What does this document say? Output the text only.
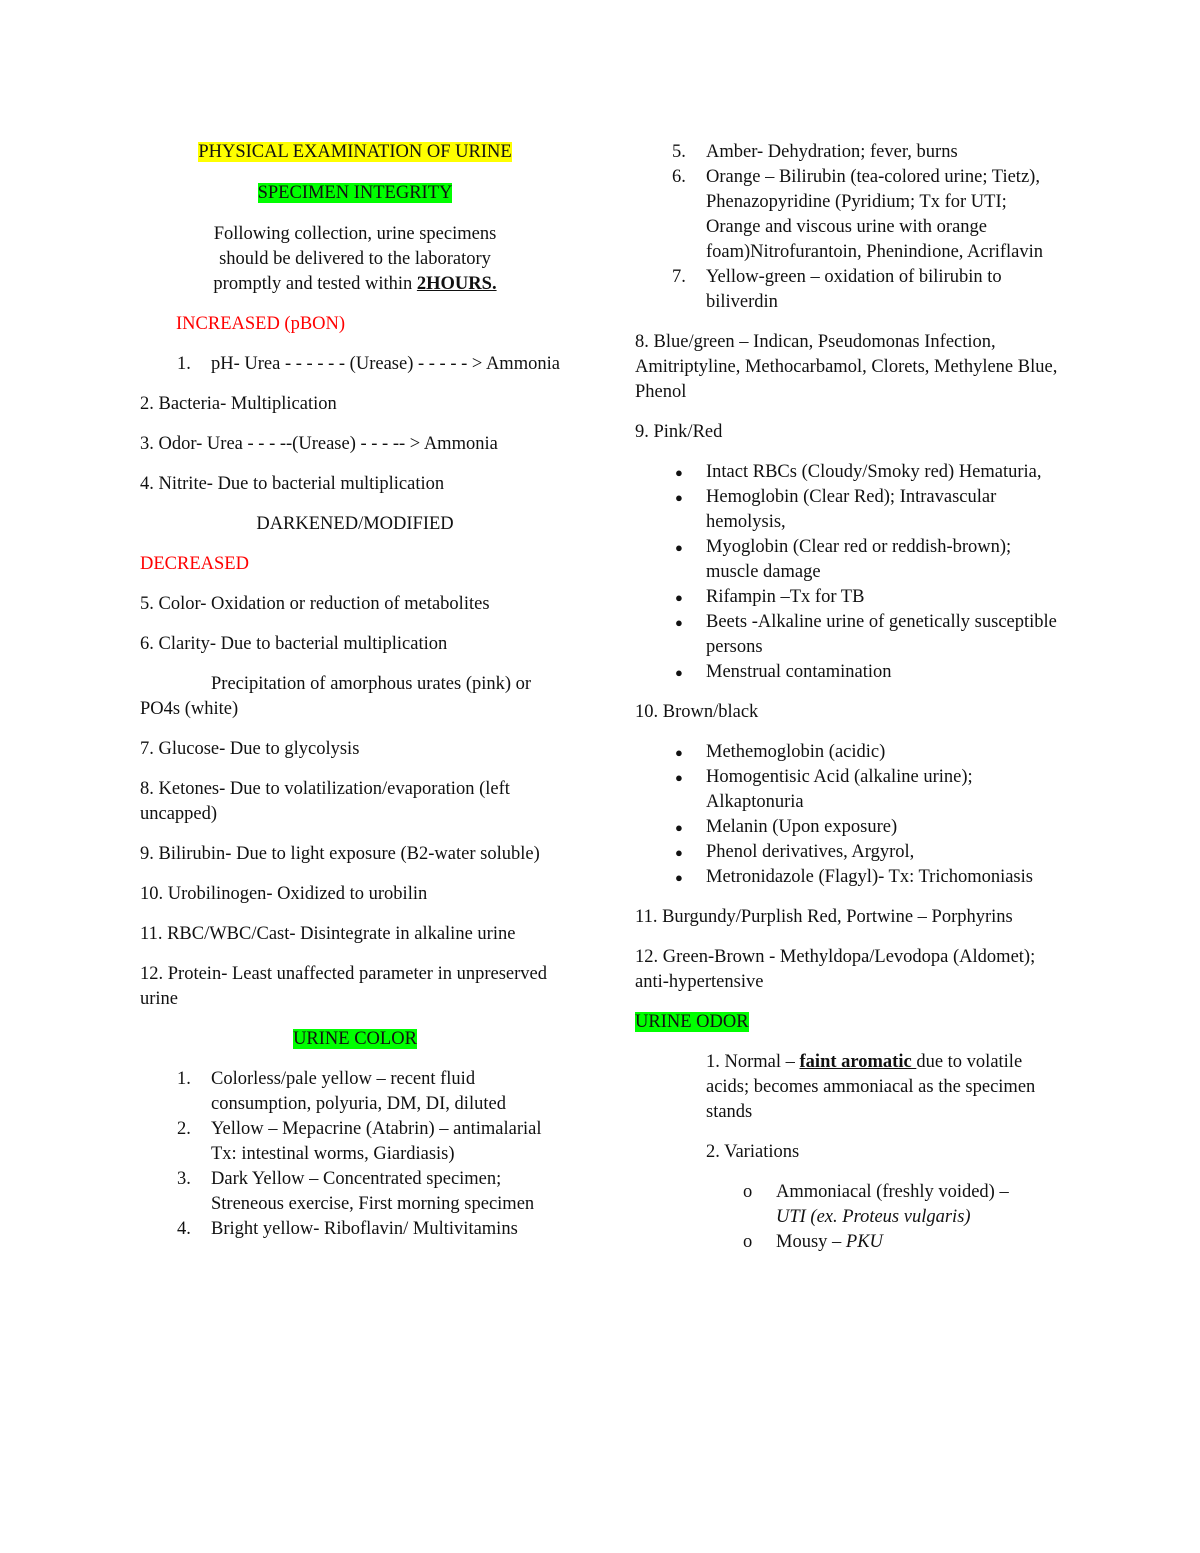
PHYSICAL EXAMINATION OF URINE

SPECIMEN INTEGRITY

Following collection, urine specimens
should be delivered to the laboratory
promptly and tested within 2HOURS.

INCREASED (pBON)

1. pH- Urea - - - - - - (Urease) - - - - - > Ammonia

2. Bacteria- Multiplication

3. Odor- Urea - - - --(Urease) - - - -- > Ammonia

4. Nitrite- Due to bacterial multiplication

DARKENED/MODIFIED

DECREASED

5. Color- Oxidation or reduction of metabolites

6. Clarity- Due to bacterial multiplication

Precipitation of amorphous urates (pink) or PO4s (white)

7. Glucose- Due to glycolysis

8. Ketones- Due to volatilization/evaporation (left uncapped)

9. Bilirubin- Due to light exposure (B2-water soluble)

10. Urobilinogen- Oxidized to urobilin

11. RBC/WBC/Cast- Disintegrate in alkaline urine

12. Protein- Least unaffected parameter in unpreserved urine

URINE COLOR

1. Colorless/pale yellow – recent fluid consumption, polyuria, DM, DI, diluted
2. Yellow – Mepacrine (Atabrin) – antimalarial Tx: intestinal worms, Giardiasis)
3. Dark Yellow – Concentrated specimen; Streneous exercise, First morning specimen
4. Bright yellow- Riboflavin/ Multivitamins
5. Amber- Dehydration; fever, burns
6. Orange – Bilirubin (tea-colored urine; Tietz), Phenazopyridine (Pyridium; Tx for UTI; Orange and viscous urine with orange foam)Nitrofurantoin, Phenindione, Acriflavin
7. Yellow-green – oxidation of bilirubin to biliverdin

8. Blue/green – Indican, Pseudomonas Infection, Amitriptyline, Methocarbamol, Clorets, Methylene Blue, Phenol

9. Pink/Red

● Intact RBCs (Cloudy/Smoky red) Hematuria,
● Hemoglobin (Clear Red); Intravascular hemolysis,
● Myoglobin (Clear red or reddish-brown); muscle damage
● Rifampin –Tx for TB
● Beets -Alkaline urine of genetically susceptible persons
● Menstrual contamination

10. Brown/black

● Methemoglobin (acidic)
● Homogentisic Acid (alkaline urine); Alkaptonuria
● Melanin (Upon exposure)
● Phenol derivatives, Argyrol,
● Metronidazole (Flagyl)- Tx: Trichomoniasis

11. Burgundy/Purplish Red, Portwine – Porphyrins

12. Green-Brown - Methyldopa/Levodopa (Aldomet); anti-hypertensive

URINE ODOR

1. Normal – faint aromatic due to volatile acids; becomes ammoniacal as the specimen stands

2. Variations

o Ammoniacal (freshly voided) –
UTI (ex. Proteus vulgaris)
o Mousy – PKU
